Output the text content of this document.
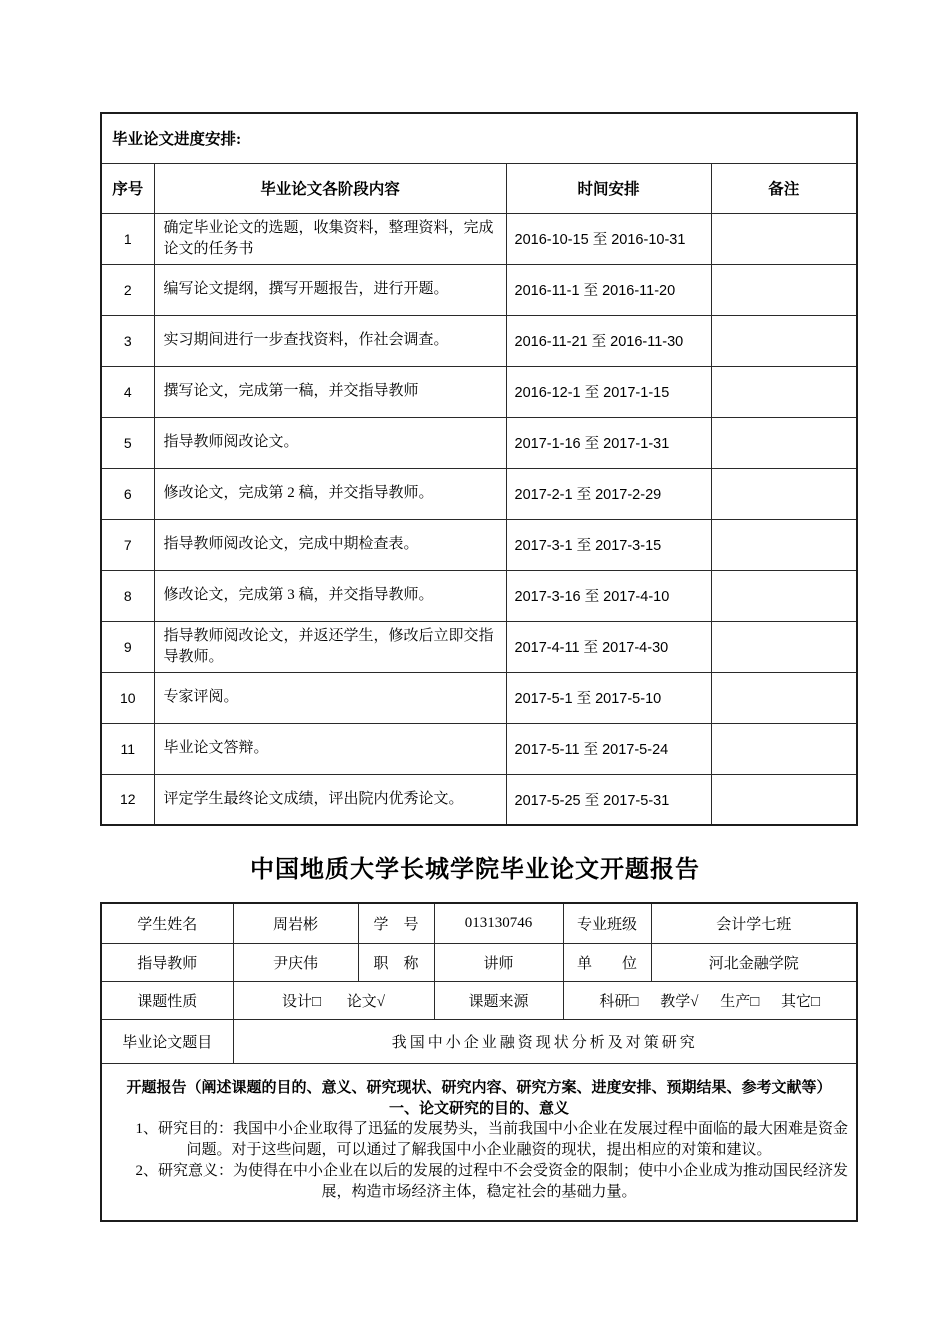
毕业论文进度安排:			
序号	毕业论文各阶段内容	时间安排	备注
1	确定毕业论文的选题，收集资料，整理资料，完成论文的任务书	2016-10-15 至 2016-10-31	
2	编写论文提纲，撰写开题报告，进行开题。	2016-11-1 至 2016-11-20	
3	实习期间进行一步查找资料，作社会调查。	2016-11-21 至 2016-11-30	
4	撰写论文，完成第一稿，并交指导教师	2016-12-1 至 2017-1-15	
5	指导教师阅改论文。	2017-1-16 至 2017-1-31	
6	修改论文，完成第 2 稿，并交指导教师。	2017-2-1 至 2017-2-29	
7	指导教师阅改论文，完成中期检查表。	2017-3-1 至 2017-3-15	
8	修改论文，完成第 3 稿，并交指导教师。	2017-3-16 至 2017-4-10	
9	指导教师阅改论文，并返还学生，修改后立即交指导教师。	2017-4-11 至 2017-4-30	
10	专家评阅。	2017-5-1 至 2017-5-10	
11	毕业论文答辩。	2017-5-11 至 2017-5-24	
12	评定学生最终论文成绩，评出院内优秀论文。	2017-5-25 至 2017-5-31	
中国地质大学长城学院毕业论文开题报告
学生姓名	周岩彬	学　号	013130746	专业班级	会计学七班
指导教师	尹庆伟	职　称	讲师	单　　位	河北金融学院
课题性质	设计□ 论文√		课题来源	科研□ 教学√ 生产□ 其它□	
毕业论文题目	我国中小企业融资现状分析及对策研究				

开题报告（阐述课题的目的、意义、研究现状、研究内容、研究方案、进度安排、预期结果、参考文献等）
一、论文研究的目的、意义
1、研究目的：我国中小企业取得了迅猛的发展势头，当前我国中小企业在发展过程中面临的最大困难是资金问题。对于这些问题，可以通过了解我国中小企业融资的现状，提出相应的对策和建议。
2、研究意义：为使得在中小企业在以后的发展的过程中不会受资金的限制；使中小企业成为推动国民经济发展，构造市场经济主体，稳定社会的基础力量。					
